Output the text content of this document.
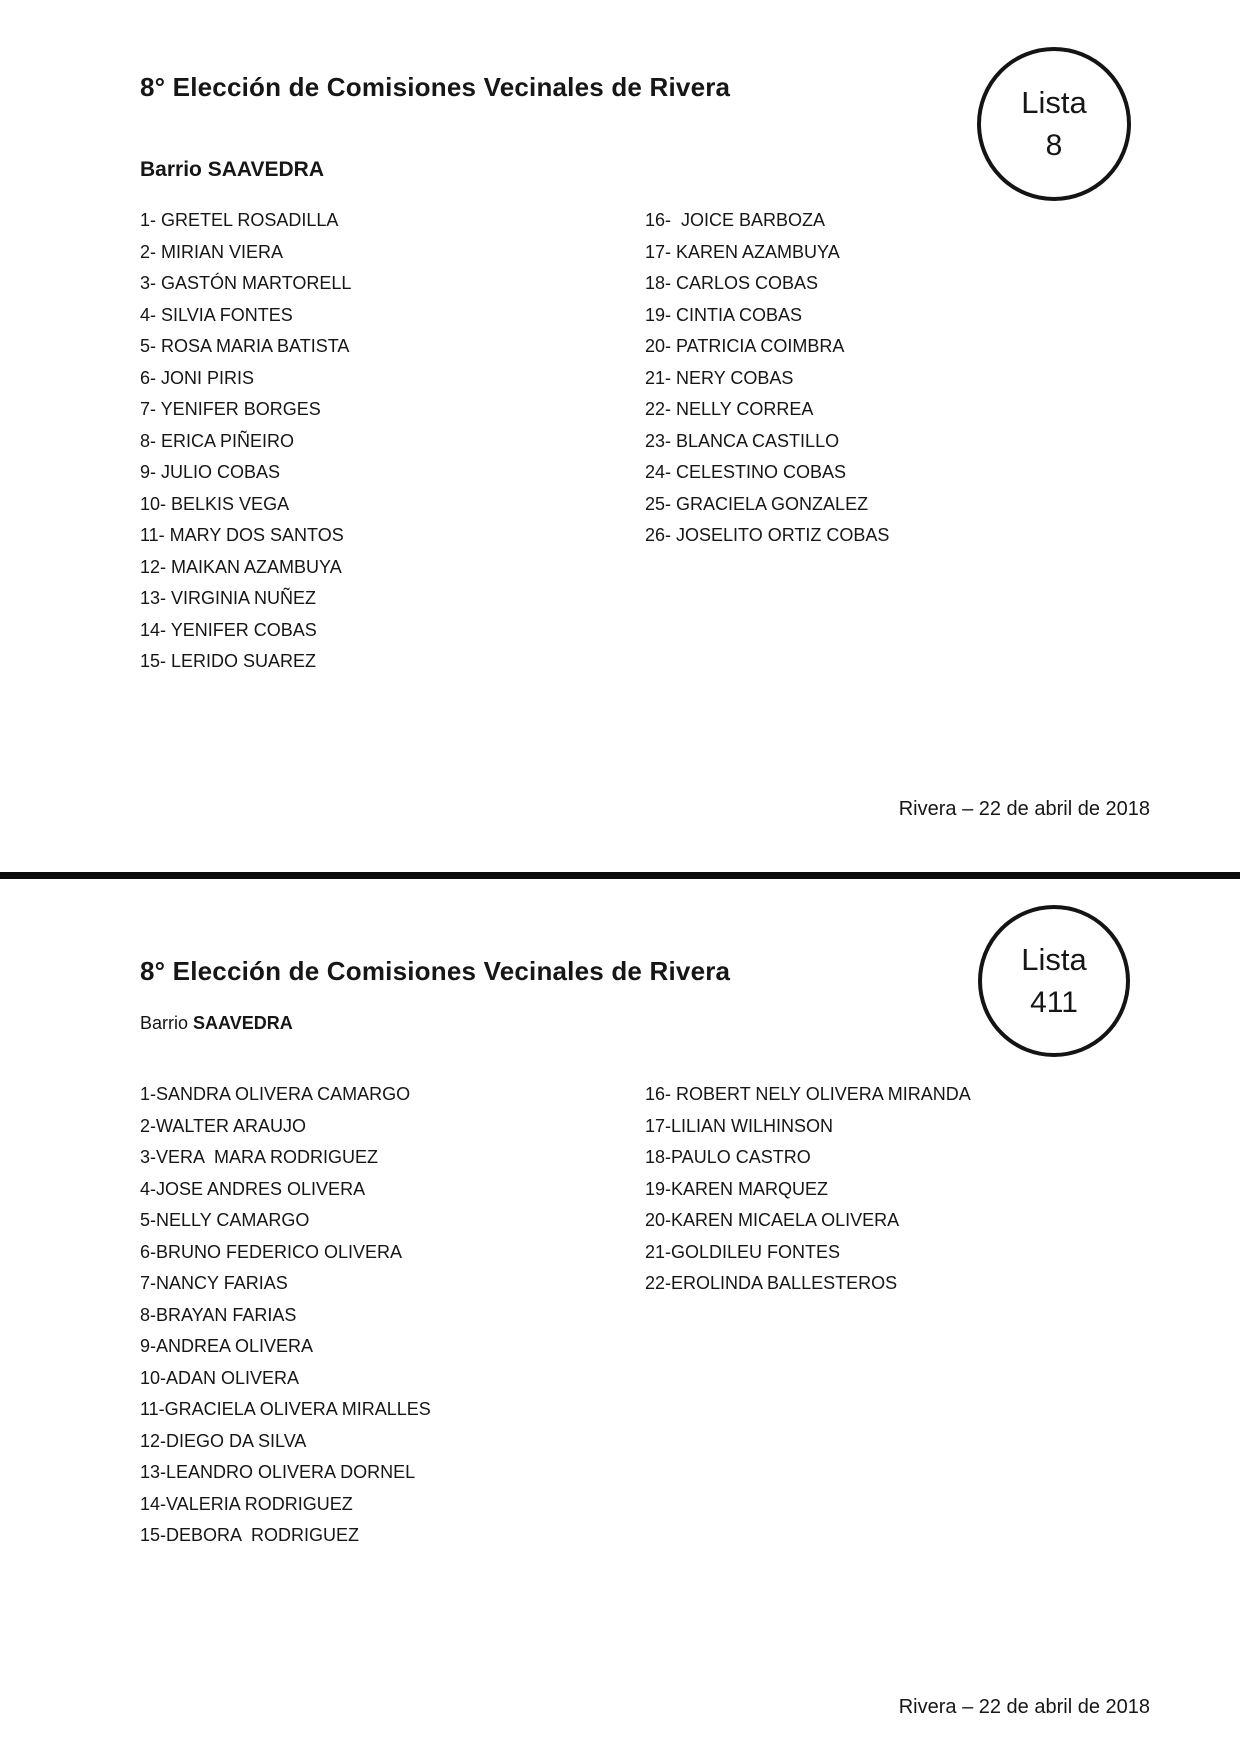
8° Elección de Comisiones Vecinales de Rivera
Barrio SAAVEDRA
Lista
8
1- GRETEL ROSADILLA
2- MIRIAN VIERA
3- GASTÓN MARTORELL
4- SILVIA FONTES
5- ROSA MARIA BATISTA
6- JONI PIRIS
7- YENIFER BORGES
8- ERICA PIÑEIRO
9- JULIO COBAS
10- BELKIS VEGA
11- MARY DOS SANTOS
12- MAIKAN AZAMBUYA
13- VIRGINIA NUÑEZ
14- YENIFER COBAS
15- LERIDO SUAREZ
16-  JOICE BARBOZA
17- KAREN AZAMBUYA
18- CARLOS COBAS
19- CINTIA COBAS
20- PATRICIA COIMBRA
21- NERY COBAS
22- NELLY CORREA
23- BLANCA CASTILLO
24- CELESTINO COBAS
25- GRACIELA GONZALEZ
26- JOSELITO ORTIZ COBAS
Rivera – 22 de abril de 2018
Lista
411
8° Elección de Comisiones Vecinales de Rivera
Barrio SAAVEDRA
1-SANDRA OLIVERA CAMARGO
2-WALTER ARAUJO
3-VERA  MARA RODRIGUEZ
4-JOSE ANDRES OLIVERA
5-NELLY CAMARGO
6-BRUNO FEDERICO OLIVERA
7-NANCY FARIAS
8-BRAYAN FARIAS
9-ANDREA OLIVERA
10-ADAN OLIVERA
11-GRACIELA OLIVERA MIRALLES
12-DIEGO DA SILVA
13-LEANDRO OLIVERA DORNEL
14-VALERIA RODRIGUEZ
15-DEBORA  RODRIGUEZ
16- ROBERT NELY OLIVERA MIRANDA
17-LILIAN WILHINSON
18-PAULO CASTRO
19-KAREN MARQUEZ
20-KAREN MICAELA OLIVERA
21-GOLDILEU FONTES
22-EROLINDA BALLESTEROS
Rivera – 22 de abril de 2018
